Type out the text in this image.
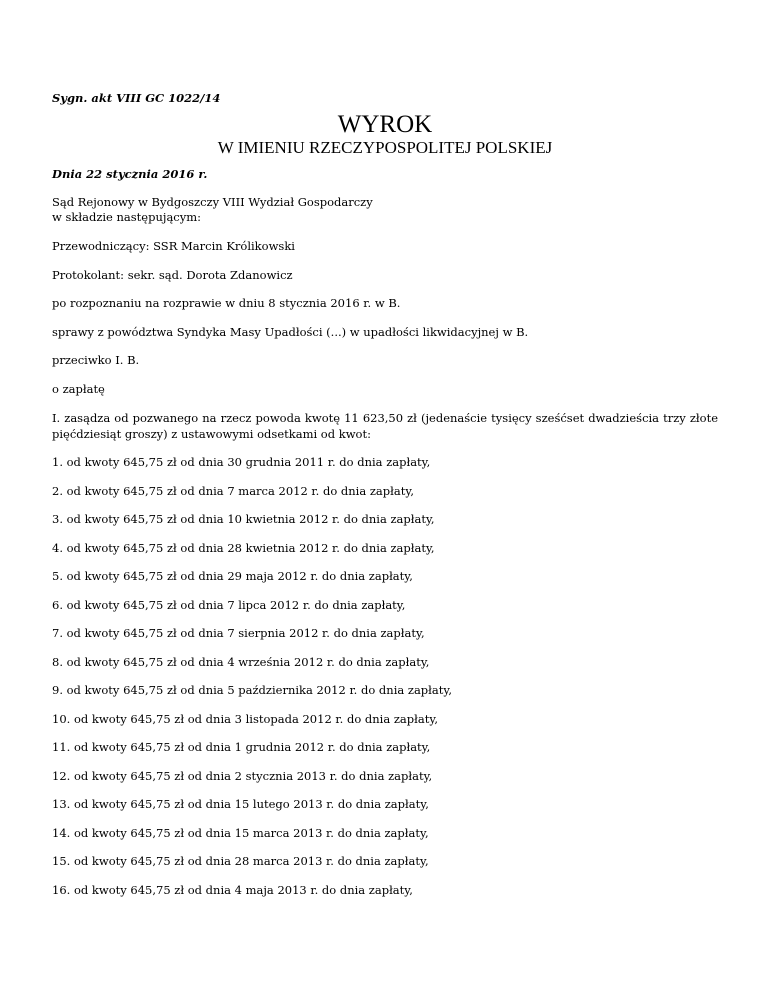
Sygn. akt VIII GC 1022/14
WYROK
W IMIENIU RZECZYPOSPOLITEJ POLSKIEJ
Dnia 22 stycznia 2016 r.
Sąd Rejonowy w Bydgoszczy VIII Wydział Gospodarczy
w składzie następującym:
Przewodniczący: SSR Marcin Królikowski
Protokolant: sekr. sąd. Dorota Zdanowicz
po rozpoznaniu na rozprawie w dniu 8 stycznia 2016 r. w B.
sprawy z powództwa Syndyka Masy Upadłości (...) w upadłości likwidacyjnej w B.
przeciwko I. B.
o zapłatę
I. zasądza od pozwanego na rzecz powoda kwotę 11 623,50 zł (jedenaście tysięcy sześćset dwadzieścia trzy złote pięćdziesiąt groszy) z ustawowymi odsetkami od kwot:
1. od kwoty 645,75 zł od dnia 30 grudnia 2011 r. do dnia zapłaty,
2. od kwoty 645,75 zł od dnia 7 marca 2012 r. do dnia zapłaty,
3. od kwoty 645,75 zł od dnia 10 kwietnia 2012 r. do dnia zapłaty,
4. od kwoty 645,75 zł od dnia 28 kwietnia 2012 r. do dnia zapłaty,
5. od kwoty 645,75 zł od dnia 29 maja 2012 r. do dnia zapłaty,
6. od kwoty 645,75 zł od dnia 7 lipca 2012 r. do dnia zapłaty,
7. od kwoty 645,75 zł od dnia 7 sierpnia 2012 r. do dnia zapłaty,
8. od kwoty 645,75 zł od dnia 4 września 2012 r. do dnia zapłaty,
9. od kwoty 645,75 zł od dnia 5 października 2012 r. do dnia zapłaty,
10. od kwoty 645,75 zł od dnia 3 listopada 2012 r. do dnia zapłaty,
11. od kwoty 645,75 zł od dnia 1 grudnia 2012 r. do dnia zapłaty,
12. od kwoty 645,75 zł od dnia 2 stycznia 2013 r. do dnia zapłaty,
13. od kwoty 645,75 zł od dnia 15 lutego 2013 r. do dnia zapłaty,
14. od kwoty 645,75 zł od dnia 15 marca 2013 r. do dnia zapłaty,
15. od kwoty 645,75 zł od dnia 28 marca 2013 r. do dnia zapłaty,
16. od kwoty 645,75 zł od dnia 4 maja 2013 r. do dnia zapłaty,
